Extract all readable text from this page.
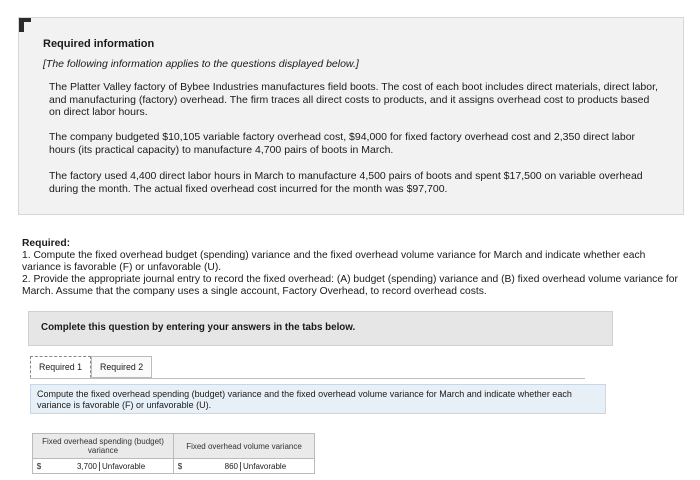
Required information
[The following information applies to the questions displayed below.]
The Platter Valley factory of Bybee Industries manufactures field boots. The cost of each boot includes direct materials, direct labor, and manufacturing (factory) overhead. The firm traces all direct costs to products, and it assigns overhead cost to products based on direct labor hours.
The company budgeted $10,105 variable factory overhead cost, $94,000 for fixed factory overhead cost and 2,350 direct labor hours (its practical capacity) to manufacture 4,700 pairs of boots in March.
The factory used 4,400 direct labor hours in March to manufacture 4,500 pairs of boots and spent $17,500 on variable overhead during the month. The actual fixed overhead cost incurred for the month was $97,700.
Required:
1. Compute the fixed overhead budget (spending) variance and the fixed overhead volume variance for March and indicate whether each variance is favorable (F) or unfavorable (U).
2. Provide the appropriate journal entry to record the fixed overhead: (A) budget (spending) variance and (B) fixed overhead volume variance for March. Assume that the company uses a single account, Factory Overhead, to record overhead costs.
Complete this question by entering your answers in the tabs below.
Required 1	Required 2
Compute the fixed overhead spending (budget) variance and the fixed overhead volume variance for March and indicate whether each variance is favorable (F) or unfavorable (U).
Fixed overhead spending (budget) variance	Fixed overhead volume variance

$ 3,700 Unfavorable	$ 860 Unfavorable
